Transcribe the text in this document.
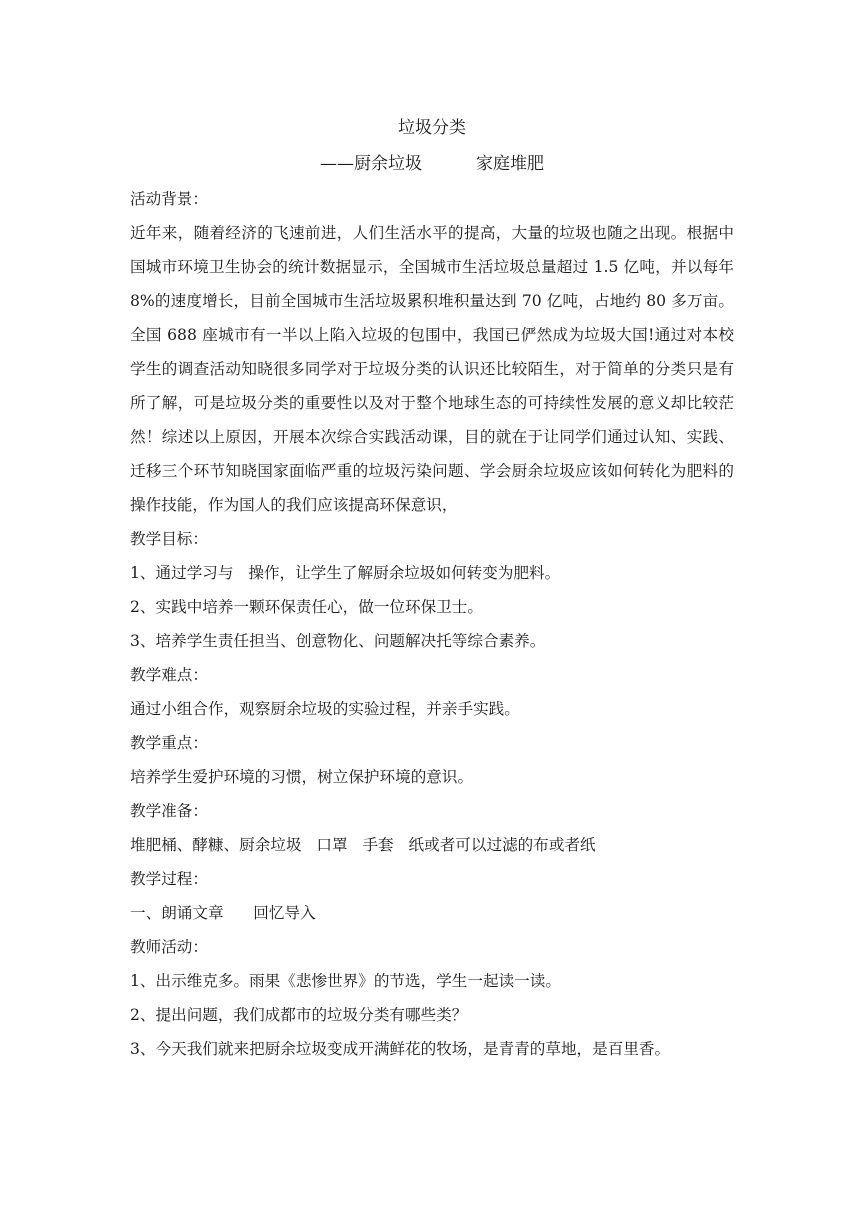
垃圾分类
——厨余垃圾          家庭堆肥

活动背景：

近年来，随着经济的飞速前进，人们生活水平的提高，大量的垃圾也随之出现。根据中国城市环境卫生协会的统计数据显示，全国城市生活垃圾总量超过 1.5 亿吨，并以每年 8%的速度增长，目前全国城市生活垃圾累积堆积量达到 70 亿吨，占地约 80 多万亩。全国 688 座城市有一半以上陷入垃圾的包围中，我国已俨然成为垃圾大国!通过对本校学生的调查活动知晓很多同学对于垃圾分类的认识还比较陌生，对于简单的分类只是有所了解，可是垃圾分类的重要性以及对于整个地球生态的可持续性发展的意义却比较茫然！综述以上原因，开展本次综合实践活动课，目的就在于让同学们通过认知、实践、迁移三个环节知晓国家面临严重的垃圾污染问题、学会厨余垃圾应该如何转化为肥料的操作技能，作为国人的我们应该提高环保意识，

教学目标：

1、通过学习与   操作，让学生了解厨余垃圾如何转变为肥料。

2、实践中培养一颗环保责任心，做一位环保卫士。

3、培养学生责任担当、创意物化、问题解决托等综合素养。

教学难点：

通过小组合作，观察厨余垃圾的实验过程，并亲手实践。

教学重点：

培养学生爱护环境的习惯，树立保护环境的意识。

教学准备：

堆肥桶、酵糠、厨余垃圾   口罩   手套   纸或者可以过滤的布或者纸

教学过程：

一、朗诵文章      回忆导入

教师活动：

1、出示维克多。雨果《悲惨世界》的节选，学生一起读一读。

2、提出问题，我们成都市的垃圾分类有哪些类？

3、今天我们就来把厨余垃圾变成开满鲜花的牧场，是青青的草地，是百里香。
